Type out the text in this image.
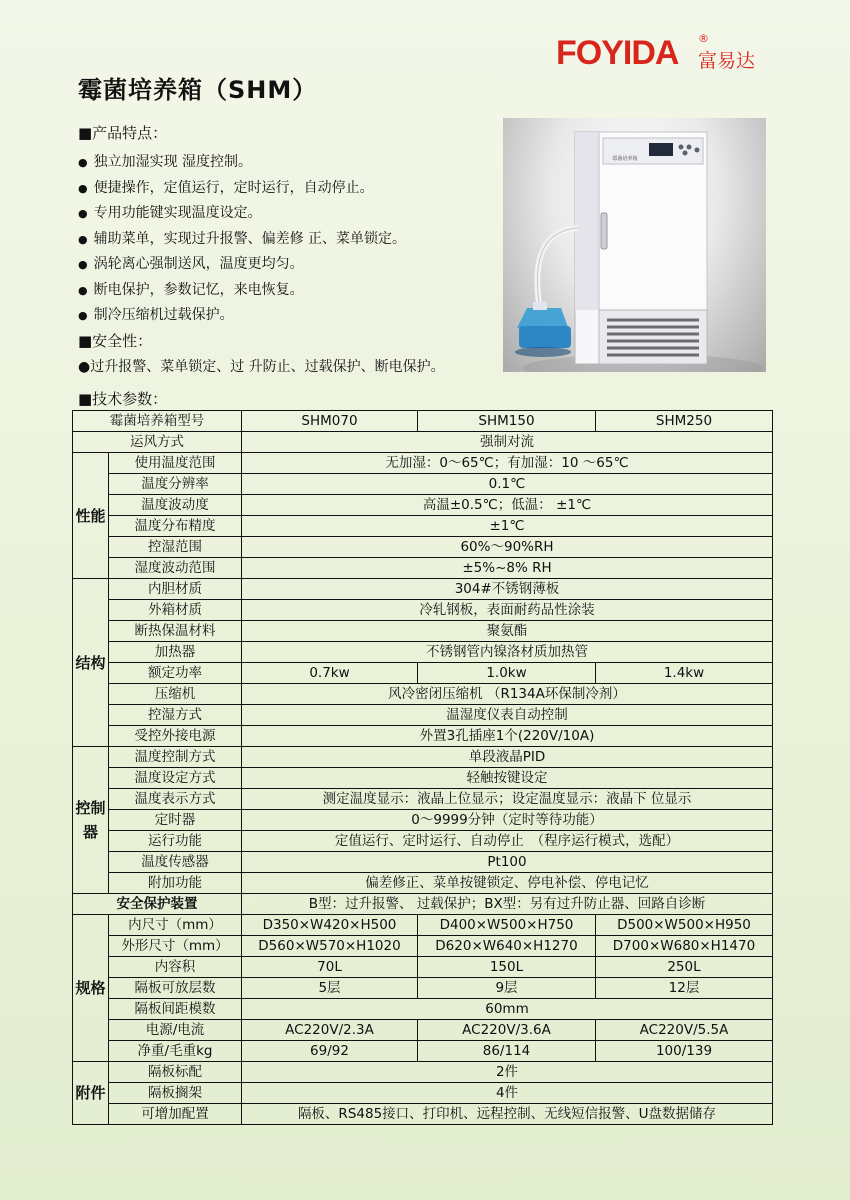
FOYIDA ®
富易达
霉菌培养箱（SHM）
■产品特点：
● 独立加湿实现 湿度控制。
● 便捷操作，定值运行，定时运行，自动停止。
● 专用功能键实现温度设定。
● 辅助菜单，实现过升报警、偏差修 正、菜单锁定。
● 涡轮离心强制送风，温度更均匀。
● 断电保护，参数记忆，来电恢复。
● 制冷压缩机过载保护。
■安全性：
●过升报警、菜单锁定、过 升防止、过载保护、断电保护。
霉菌培养箱
■技术参数：
霉菌培养箱型号		SHM070	SHM150	SHM250
运风方式		强制对流		
性能	使用温度范围	无加湿：0～65℃；有加湿：10 ～65℃		
	温度分辨率	0.1℃		
	温度波动度	高温±0.5℃；低温： ±1℃		
	温度分布精度	±1℃		
	控湿范围	60%～90%RH		
	湿度波动范围	±5%~8% RH		
结构	内胆材质	304#不锈钢薄板		
	外箱材质	冷轧钢板，表面耐药品性涂装		
	断热保温材料	聚氨酯		
	加热器	不锈钢管内镍洛材质加热管		
	额定功率	0.7kw	1.0kw	1.4kw
	压缩机	风冷密闭压缩机 （R134A环保制冷剂）		
	控湿方式	温湿度仪表自动控制		
	受控外接电源	外置3孔插座1个(220V/10A)		
控制器	温度控制方式	单段液晶PID		
	温度设定方式	轻触按键设定		
	温度表示方式	测定温度显示：液晶上位显示；设定温度显示：液晶下 位显示		
	定时器	0～9999分钟（定时等待功能）		
	运行功能	定值运行、定时运行、自动停止　（程序运行模式，选配）		
	温度传感器	Pt100		
	附加功能	偏差修正、菜单按键锁定、停电补偿、停电记忆		
安全保护装置		B型：过升报警、 过载保护；BX型：另有过升防止器、回路自诊断		
规格	内尺寸（mm）	D350×W420×H500	D400×W500×H750	D500×W500×H950
	外形尺寸（mm）	D560×W570×H1020	D620×W640×H1270	D700×W680×H1470
	内容积	70L	150L	250L
	隔板可放层数	5层	9层	12层
	隔板间距模数	60mm		
	电源/电流	AC220V/2.3A	AC220V/3.6A	AC220V/5.5A
	净重/毛重kg	69/92	86/114	100/139
附件	隔板标配	2件		
	隔板搁架	4件		
	可增加配置	隔板、RS485接口、打印机、远程控制、无线短信报警、U盘数据储存		
